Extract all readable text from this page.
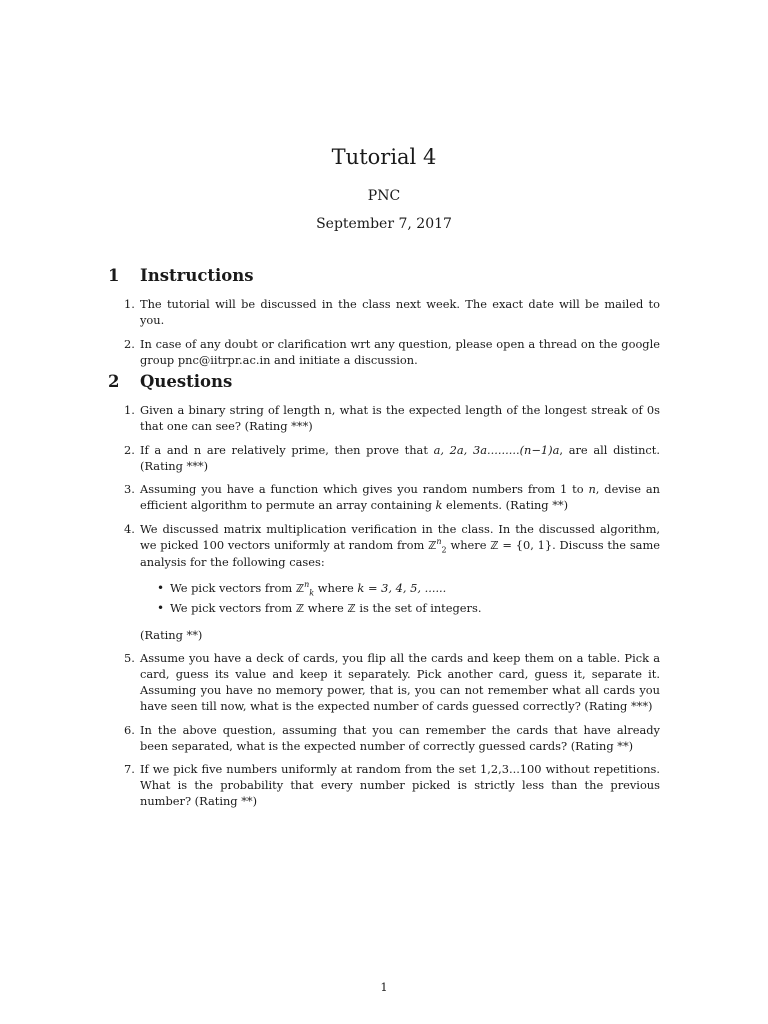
Tutorial 4
PNC
September 7, 2017
1 Instructions
1. The tutorial will be discussed in the class next week. The exact date will be mailed to you.
2. In case of any doubt or clarification wrt any question, please open a thread on the google group pnc@iitrpr.ac.in and initiate a discussion.
2 Questions
1. Given a binary string of length n, what is the expected length of the longest streak of 0s that one can see? (Rating ***)
2. If a and n are relatively prime, then prove that a, 2a, 3a.........(n−1)a, are all distinct. (Rating ***)
3. Assuming you have a function which gives you random numbers from 1 to n, devise an efficient algorithm to permute an array containing k elements. (Rating **)
4. We discussed matrix multiplication verification in the class. In the discussed algorithm, we picked 100 vectors uniformly at random from ℤ$^n_2$ where ℤ = {0, 1}. Discuss the same analysis for the following cases:
• We pick vectors from ℤ$^n_k$ where k = 3, 4, 5, ......
• We pick vectors from ℤ where ℤ is the set of integers.
(Rating **)
5. Assume you have a deck of cards, you flip all the cards and keep them on a table. Pick a card, guess its value and keep it separately. Pick another card, guess it, separate it. Assuming you have no memory power, that is, you can not remember what all cards you have seen till now, what is the expected number of cards guessed correctly? (Rating ***)
6. In the above question, assuming that you can remember the cards that have already been separated, what is the expected number of correctly guessed cards? (Rating **)
7. If we pick five numbers uniformly at random from the set 1,2,3...100 without repetitions. What is the probability that every number picked is strictly less than the previous number? (Rating **)
1
